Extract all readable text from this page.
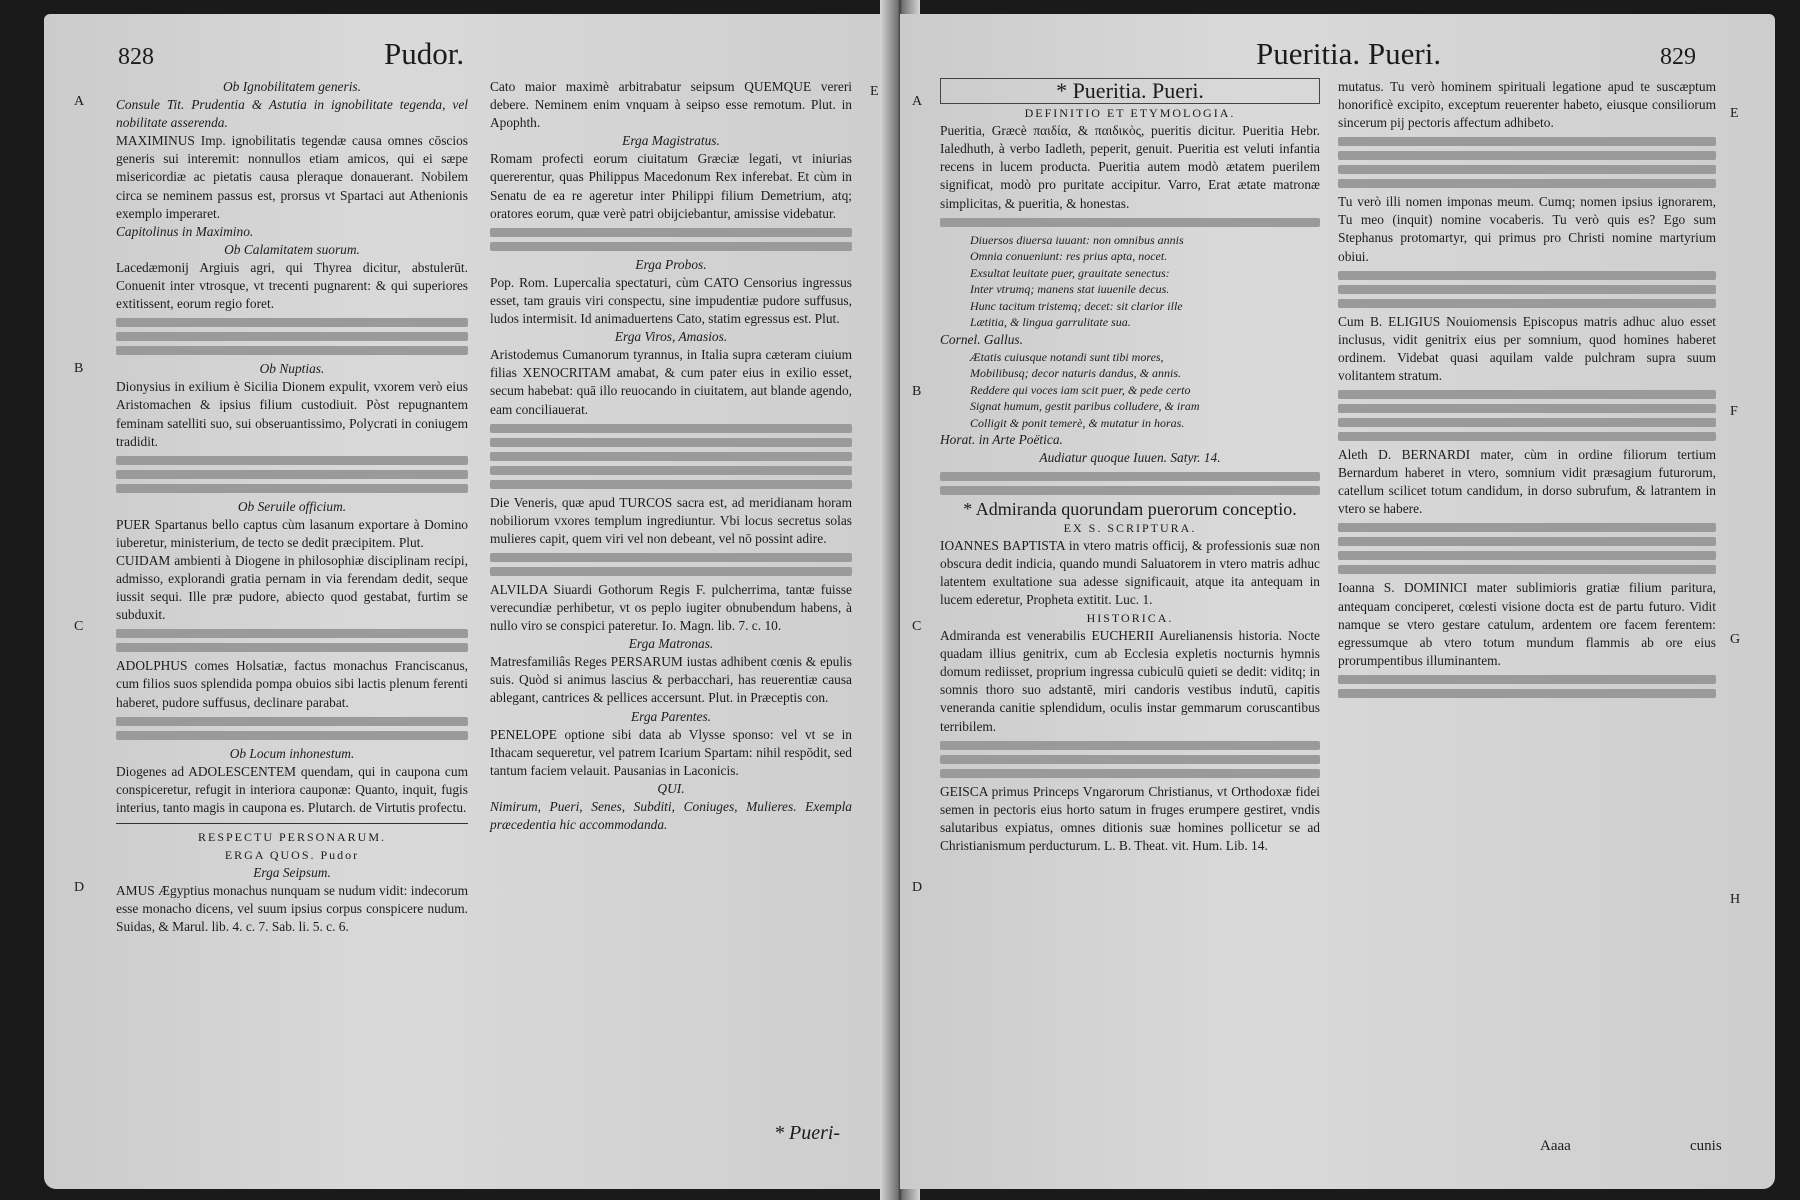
828	Pudor.
A
B
C
D
E

Ob Ignobilitatem generis.

Consule Tit. Prudentia & Astutia in ignobilitate tegenda, vel nobilitate asserenda.

MAXIMINUS Imp. ignobilitatis tegendæ causa omnes cōscios generis sui interemit: nonnullos etiam amicos, qui ei sæpe misericordiæ ac pietatis causa pleraque donauerant. Nobilem circa se neminem passus est, prorsus vt Spartaci aut Athenionis exemplo imperaret.

Capitolinus in Maximino.

Ob Calamitatem suorum.

Lacedæmonij Argiuis agri, qui Thyrea dicitur, abstulerūt. Conuenit inter vtrosque, vt trecenti pugnarent: & qui superiores extitissent, eorum regio foret.

Ob Nuptias.

Dionysius in exilium è Sicilia Dionem expulit, vxorem verò eius Aristomachen & ipsius filium custodiuit. Pòst repugnantem feminam satelliti suo, sui obseruantissimo, Polycrati in coniugem tradidit.

Ob Seruile officium.

PUER Spartanus bello captus cùm lasanum exportare à Domino iuberetur, ministerium, de tecto se dedit præcipitem. Plut.

CUIDAM ambienti à Diogene in philosophiæ disciplinam recipi, admisso, explorandi gratia pernam in via ferendam dedit, seque iussit sequi. Ille præ pudore, abiecto quod gestabat, furtim se subduxit.

ADOLPHUS comes Holsatiæ, factus monachus Franciscanus, cum filios suos splendida pompa obuios sibi lactis plenum ferenti haberet, pudore suffusus, declinare parabat.

Ob Locum inhonestum.

Diogenes ad ADOLESCENTEM quendam, qui in caupona cum conspiceretur, refugit in interiora cauponæ: Quanto, inquit, fugis interius, tanto magis in caupona es. Plutarch. de Virtutis profectu.

RESPECTU PERSONARUM.

ERGA QUOS. Pudor

Erga Seipsum.

AMUS Ægyptius monachus nunquam se nudum vidit: indecorum esse monacho dicens, vel suum ipsius corpus conspicere nudum. Suidas, & Marul. lib. 4. c. 7. Sab. li. 5. c. 6.

Cato maior maximè arbitrabatur seipsum QUEMQUE vereri debere. Neminem enim vnquam à seipso esse remotum. Plut. in Apophth.

Erga Magistratus.

Romam profecti eorum ciuitatum Græciæ legati, vt iniurias quererentur, quas Philippus Macedonum Rex inferebat. Et cùm in Senatu de ea re ageretur inter Philippi filium Demetrium, atq; oratores eorum, quæ verè patri obijciebantur, amissise videbatur.

Erga Probos.

Pop. Rom. Lupercalia spectaturi, cùm CATO Censorius ingressus esset, tam grauis viri conspectu, sine impudentiæ pudore suffusus, ludos intermisit. Id animaduertens Cato, statim egressus est. Plut.

Erga Viros, Amasios.

Aristodemus Cumanorum tyrannus, in Italia supra cæteram ciuium filias XENOCRITAM amabat, & cum pater eius in exilio esset, secum habebat: quā illo reuocando in ciuitatem, aut blande agendo, eam conciliauerat.

Die Veneris, quæ apud TURCOS sacra est, ad meridianam horam nobiliorum vxores templum ingrediuntur. Vbi locus secretus solas mulieres capit, quem viri vel non debeant, vel nō possint adire.

ALVILDA Siuardi Gothorum Regis F. pulcherrima, tantæ fuisse verecundiæ perhibetur, vt os peplo iugiter obnubendum habens, à nullo viro se conspici pateretur. Io. Magn. lib. 7. c. 10.

Erga Matronas.

Matresfamiliâs Reges PERSARUM iustas adhibent cœnis & epulis suis. Quòd si animus lascius & perbacchari, has reuerentiæ causa ablegant, cantrices & pellices accersunt. Plut. in Præceptis con.

Erga Parentes.

PENELOPE optione sibi data ab Vlysse sponso: vel vt se in Ithacam sequeretur, vel patrem Icarium Spartam: nihil respōdit, sed tantum faciem velauit. Pausanias in Laconicis.

QUI.

Nimirum, Pueri, Senes, Subditi, Coniuges, Mulieres. Exempla præcedentia hic accommodanda.

* Pueri-
Pueritia. Pueri.	829
A
B
C
D
E
F
G
H

* Pueritia. Pueri.

DEFINITIO ET ETYMOLOGIA.

Pueritia, Græcè παιδία, & παιδικὸς, pueritis dicitur. Pueritia Hebr. Ialedhuth, à verbo Iadleth, peperit, genuit. Pueritia est veluti infantia recens in lucem producta. Pueritia autem modò ætatem puerilem significat, modò pro puritate accipitur. Varro, Erat ætate matronæ simplicitas, & pueritia, & honestas.

Diuersos diuersa iuuant: non omnibus annis

Omnia conueniunt: res prius apta, nocet.

Exsultat leuitate puer, grauitate senectus:

Inter vtrumq; manens stat iuuenile decus.

Hunc tacitum tristemq; decet: sit clarior ille

Lætitia, & lingua garrulitate sua.

Cornel. Gallus.

Ætatis cuiusque notandi sunt tibi mores,

Mobilibusq; decor naturis dandus, & annis.

Reddere qui voces iam scit puer, & pede certo

Signat humum, gestit paribus colludere, & iram

Colligit & ponit temerè, & mutatur in horas.

Horat. in Arte Poëtica.

Audiatur quoque Iuuen. Satyr. 14.

* Admiranda quorundam puerorum conceptio.

EX S. SCRIPTURA.

IOANNES BAPTISTA in vtero matris officij, & professionis suæ non obscura dedit indicia, quando mundi Saluatorem in vtero matris adhuc latentem exultatione sua adesse significauit, atque ita antequam in lucem ederetur, Propheta extitit. Luc. 1.

HISTORICA.

Admiranda est venerabilis EUCHERII Aurelianensis historia. Nocte quadam illius genitrix, cum ab Ecclesia expletis nocturnis hymnis domum rediisset, proprium ingressa cubiculū quieti se dedit: viditq; in somnis thoro suo adstantē, miri candoris vestibus indutū, capitis veneranda canitie splendidum, oculis instar gemmarum coruscantibus terribilem.

GEISCA primus Princeps Vngarorum Christianus, vt Orthodoxæ fidei semen in pectoris eius horto satum in fruges erumpere gestiret, vndis salutaribus expiatus, omnes ditionis suæ homines pollicetur se ad Christianismum perducturum. L. B. Theat. vit. Hum. Lib. 14.

mutatus. Tu verò hominem spirituali legatione apud te suscæptum honorificè excipito, exceptum reuerenter habeto, eiusque consiliorum sincerum pij pectoris affectum adhibeto.

Tu verò illi nomen imponas meum. Cumq; nomen ipsius ignorarem, Tu meo (inquit) nomine vocaberis. Tu verò quis es? Ego sum Stephanus protomartyr, qui primus pro Christi nomine martyrium obiui.

Cum B. ELIGIUS Nouiomensis Episcopus matris adhuc aluo esset inclusus, vidit genitrix eius per somnium, quod homines haberet ordinem. Videbat quasi aquilam valde pulchram supra suum volitantem stratum.

Aleth D. BERNARDI mater, cùm in ordine filiorum tertium Bernardum haberet in vtero, somnium vidit præsagium futurorum, catellum scilicet totum candidum, in dorso subrufum, & latrantem in vtero se habere.

Ioanna S. DOMINICI mater sublimioris gratiæ filium paritura, antequam conciperet, cœlesti visione docta est de partu futuro. Vidit namque se vtero gestare catulum, ardentem ore facem ferentem: egressumque ab vtero totum mundum flammis ab ore eius prorumpentibus illuminantem.

Aaaa	cunis
